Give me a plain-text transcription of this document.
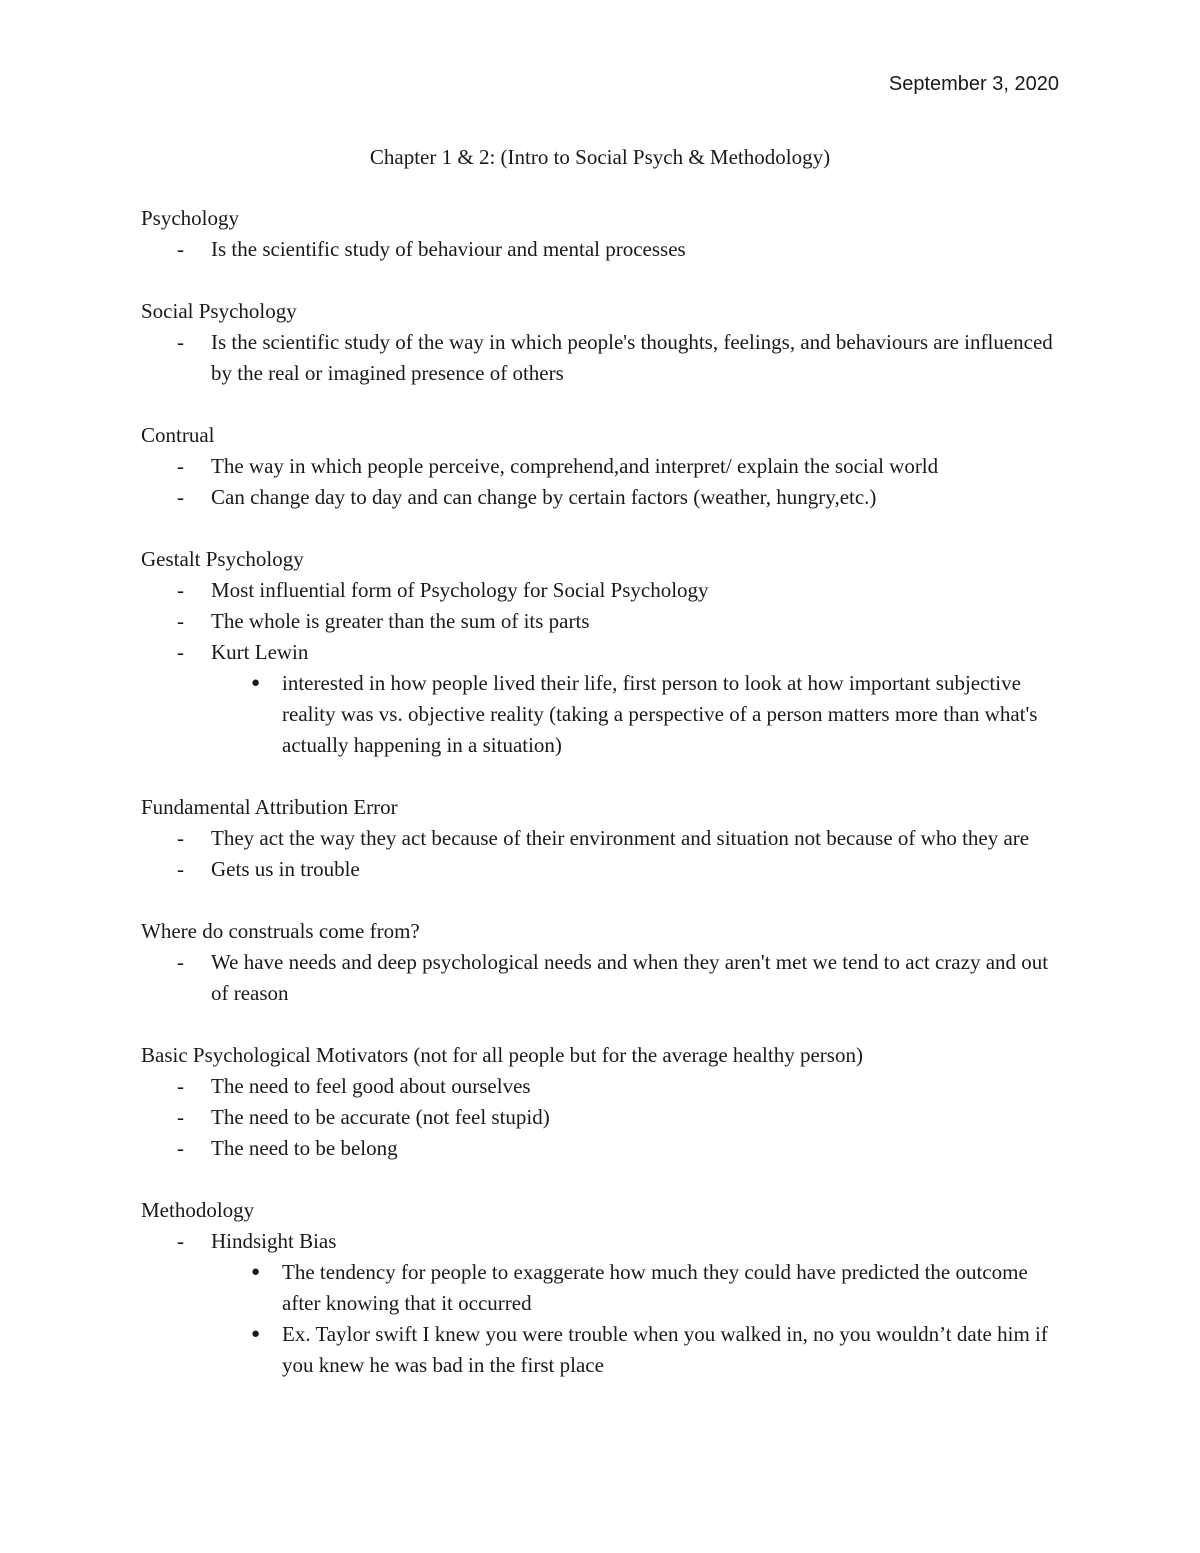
September 3, 2020
Chapter 1 & 2: (Intro to Social Psych & Methodology)
Psychology
- Is the scientific study of behaviour and mental processes
Social Psychology
- Is the scientific study of the way in which people's thoughts, feelings, and behaviours are influenced by the real or imagined presence of others
Contrual
- The way in which people perceive, comprehend,and interpret/ explain the social world
- Can change day to day and can change by certain factors (weather, hungry,etc.)
Gestalt Psychology
- Most influential form of Psychology for Social Psychology
- The whole is greater than the sum of its parts
- Kurt Lewin
● interested in how people lived their life, first person to look at how important subjective reality was vs. objective reality (taking a perspective of a person matters more than what's actually happening in a situation)
Fundamental Attribution Error
- They act the way they act because of their environment and situation not because of who they are
- Gets us in trouble
Where do construals come from?
- We have needs and deep psychological needs and when they aren't met we tend to act crazy and out of reason
Basic Psychological Motivators (not for all people but for the average healthy person)
- The need to feel good about ourselves
- The need to be accurate (not feel stupid)
- The need to be belong
Methodology
- Hindsight Bias
● The tendency for people to exaggerate how much they could have predicted the outcome after knowing that it occurred
● Ex. Taylor swift I knew you were trouble when you walked in, no you wouldn’t date him if you knew he was bad in the first place
